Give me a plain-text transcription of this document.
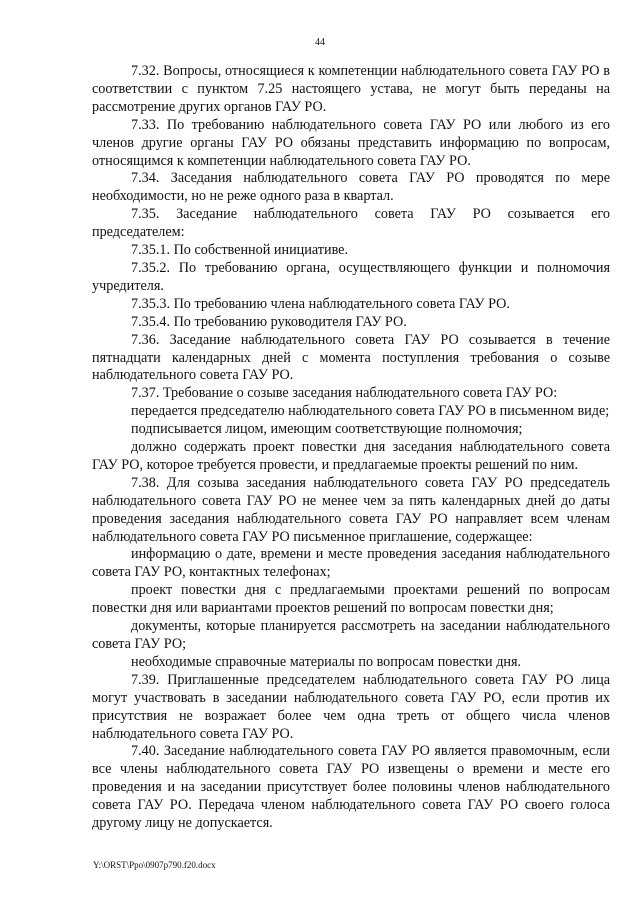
44

7.32. Вопросы, относящиеся к компетенции наблюдательного совета ГАУ РО в соответствии с пунктом 7.25 настоящего устава, не могут быть переданы на рассмотрение других органов ГАУ РО.

7.33. По требованию наблюдательного совета ГАУ РО или любого из его членов другие органы ГАУ РО обязаны представить информацию по вопросам, относящимся к компетенции наблюдательного совета ГАУ РО.

7.34. Заседания наблюдательного совета ГАУ РО проводятся по мере необходимости, но не реже одного раза в квартал.

7.35. Заседание наблюдательного совета ГАУ РО созывается его председателем:

7.35.1. По собственной инициативе.

7.35.2. По требованию органа, осуществляющего функции и полномочия учредителя.

7.35.3. По требованию члена наблюдательного совета ГАУ РО.

7.35.4. По требованию руководителя ГАУ РО.

7.36. Заседание наблюдательного совета ГАУ РО созывается в течение пятнадцати календарных дней с момента поступления требования о созыве наблюдательного совета ГАУ РО.

7.37. Требование о созыве заседания наблюдательного совета ГАУ РО:

передается председателю наблюдательного совета ГАУ РО в письменном виде;

подписывается лицом, имеющим соответствующие полномочия;

должно содержать проект повестки дня заседания наблюдательного совета ГАУ РО, которое требуется провести, и предлагаемые проекты решений по ним.

7.38. Для созыва заседания наблюдательного совета ГАУ РО председатель наблюдательного совета ГАУ РО не менее чем за пять календарных дней до даты проведения заседания наблюдательного совета ГАУ РО направляет всем членам наблюдательного совета ГАУ РО письменное приглашение, содержащее:

информацию о дате, времени и месте проведения заседания наблюдательного совета ГАУ РО, контактных телефонах;

проект повестки дня с предлагаемыми проектами решений по вопросам повестки дня или вариантами проектов решений по вопросам повестки дня;

документы, которые планируется рассмотреть на заседании наблюдательного совета ГАУ РО;

необходимые справочные материалы по вопросам повестки дня.

7.39. Приглашенные председателем наблюдательного совета ГАУ РО лица могут участвовать в заседании наблюдательного совета ГАУ РО, если против их присутствия не возражает более чем одна треть от общего числа членов наблюдательного совета ГАУ РО.

7.40. Заседание наблюдательного совета ГАУ РО является правомочным, если все члены наблюдательного совета ГАУ РО извещены о времени и месте его проведения и на заседании присутствует более половины членов наблюдательного совета ГАУ РО. Передача членом наблюдательного совета ГАУ РО своего голоса другому лицу не допускается.

Y:\ORST\Ppo\0907p790.f20.docx
